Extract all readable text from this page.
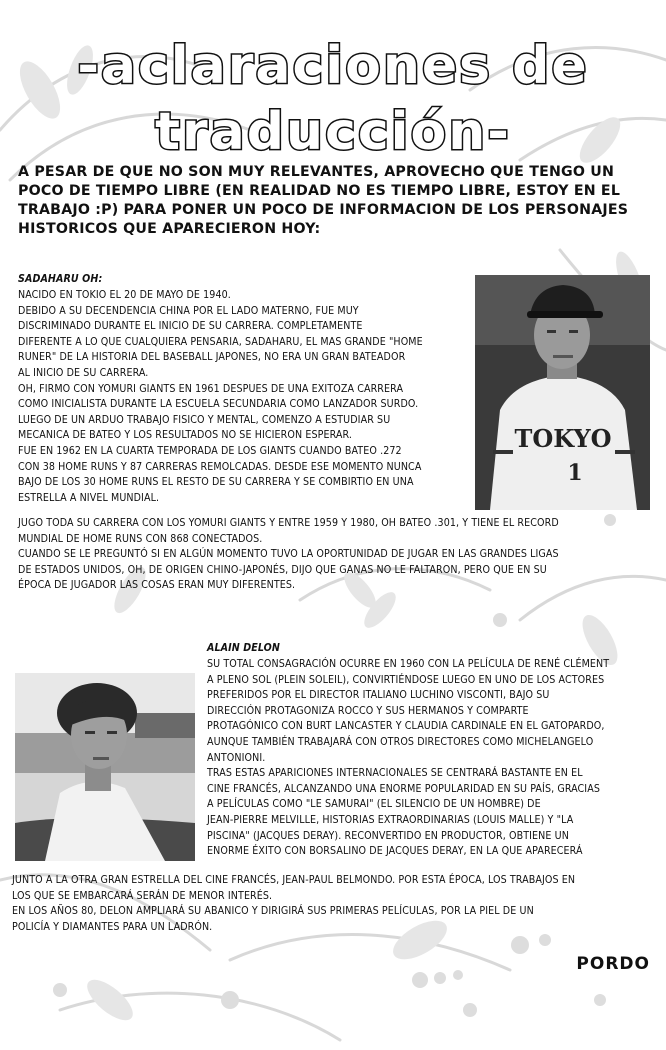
-aclaraciones de
traducción-
A PESAR DE QUE NO SON MUY RELEVANTES, APROVECHO QUE TENGO UN POCO DE TIEMPO LIBRE (EN REALIDAD NO ES TIEMPO LIBRE, ESTOY EN EL TRABAJO :P) PARA PONER UN POCO DE INFORMACION DE LOS PERSONAJES HISTORICOS QUE APARECIERON HOY:
SADAHARU OH:
NACIDO EN TOKIO EL 20 DE MAYO DE 1940.
DEBIDO A SU DECENDENCIA CHINA POR EL LADO MATERNO, FUE MUY
DISCRIMINADO DURANTE EL INICIO DE SU CARRERA. COMPLETAMENTE
DIFERENTE A LO QUE CUALQUIERA PENSARIA, SADAHARU, EL MAS GRANDE "HOME
RUNER" DE LA HISTORIA DEL BASEBALL JAPONES, NO ERA UN GRAN BATEADOR
AL INICIO DE SU CARRERA.
OH, FIRMO CON YOMURI GIANTS EN 1961 DESPUES DE UNA EXITOZA CARRERA
COMO INICIALISTA DURANTE LA ESCUELA SECUNDARIA COMO LANZADOR SURDO.
LUEGO DE UN ARDUO TRABAJO FISICO Y MENTAL, COMENZO A ESTUDIAR SU
MECANICA DE BATEO Y LOS RESULTADOS NO SE HICIERON ESPERAR.
FUE EN 1962 EN LA CUARTA TEMPORADA DE LOS GIANTS CUANDO BATEO .272
CON 38 HOME RUNS Y 87 CARRERAS REMOLCADAS. DESDE ESE MOMENTO NUNCA
BAJO DE LOS 30 HOME RUNS EL RESTO DE SU CARRERA Y SE COMBIRTIO EN UNA
ESTRELLA A NIVEL MUNDIAL.
JUGO TODA SU CARRERA CON LOS YOMURI GIANTS Y ENTRE 1959 Y 1980, OH BATEO .301, Y TIENE EL RECORD
MUNDIAL DE HOME RUNS CON 868 CONECTADOS.
CUANDO SE LE PREGUNTÓ SI EN ALGÚN MOMENTO TUVO LA OPORTUNIDAD DE JUGAR EN LAS GRANDES LIGAS
DE ESTADOS UNIDOS, OH, DE ORIGEN CHINO-JAPONÉS, DIJO QUE GANAS NO LE FALTARON, PERO QUE EN SU
ÉPOCA DE JUGADOR LAS COSAS ERAN MUY DIFERENTES.
TOKYO
1
ALAIN DELON
SU TOTAL CONSAGRACIÓN OCURRE EN 1960 CON LA PELÍCULA DE RENÉ CLÉMENT
A PLENO SOL (PLEIN SOLEIL), CONVIRTIÉNDOSE LUEGO EN UNO DE LOS ACTORES
PREFERIDOS POR EL DIRECTOR ITALIANO LUCHINO VISCONTI, BAJO SU
DIRECCIÓN PROTAGONIZA ROCCO Y SUS HERMANOS Y COMPARTE
PROTAGÓNICO CON BURT LANCASTER Y CLAUDIA CARDINALE EN EL GATOPARDO,
AUNQUE TAMBIÉN TRABAJARÁ CON OTROS DIRECTORES COMO MICHELANGELO
ANTONIONI.
TRAS ESTAS APARICIONES INTERNACIONALES SE CENTRARÁ BASTANTE EN EL
CINE FRANCÉS, ALCANZANDO UNA ENORME POPULARIDAD EN SU PAÍS, GRACIAS
A PELÍCULAS COMO "LE SAMURAI" (EL SILENCIO DE UN HOMBRE) DE
JEAN-PIERRE MELVILLE, HISTORIAS EXTRAORDINARIAS (LOUIS MALLE) Y "LA
PISCINA" (JACQUES DERAY). RECONVERTIDO EN PRODUCTOR, OBTIENE UN
ENORME ÉXITO CON BORSALINO DE JACQUES DERAY, EN LA QUE APARECERÁ
JUNTO A LA OTRA GRAN ESTRELLA DEL CINE FRANCÉS, JEAN-PAUL BELMONDO. POR ESTA ÉPOCA, LOS TRABAJOS EN
LOS QUE SE EMBARCARÁ SERÁN DE MENOR INTERÉS.
EN LOS AÑOS 80, DELON AMPLIARÁ SU ABANICO Y DIRIGIRÁ SUS PRIMERAS PELÍCULAS, POR LA PIEL DE UN
POLICÍA Y DIAMANTES PARA UN LADRÓN.
PORDO
